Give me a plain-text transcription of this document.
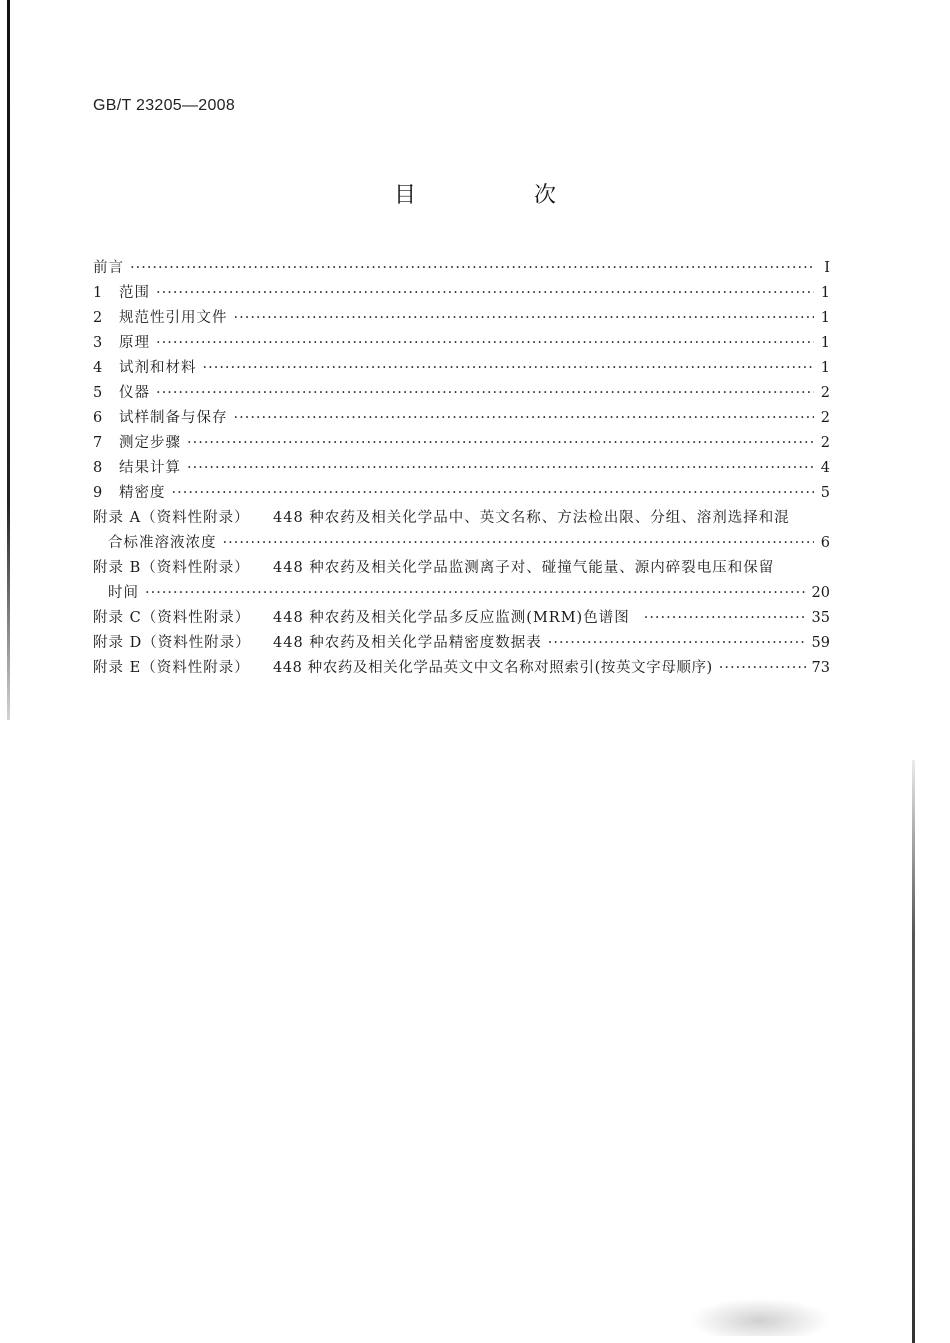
GB/T 23205—2008
目　次
前言 ·····	Ⅰ
1	范围 ·····	1
2	规范性引用文件 ·····	1
3	原理 ·····	1
4	试剂和材料 ·····	1
5	仪器 ·····	2
6	试样制备与保存 ·····	2
7	测定步骤 ·····	2
8	结果计算 ·····	4
9	精密度 ·····	5
附录 A（资料性附录） 448 种农药及相关化学品中、英文名称、方法检出限、分组、溶剂选择和混
合标准溶液浓度 ·····	6
附录 B（资料性附录） 448 种农药及相关化学品监测离子对、碰撞气能量、源内碎裂电压和保留
时间 ·····	20
附录 C（资料性附录） 448 种农药及相关化学品多反应监测(MRM)色谱图 ·····	35
附录 D（资料性附录） 448 种农药及相关化学品精密度数据表 ·····	59
附录 E（资料性附录） 448 种农药及相关化学品英文中文名称对照索引(按英文字母顺序) ·····	73
